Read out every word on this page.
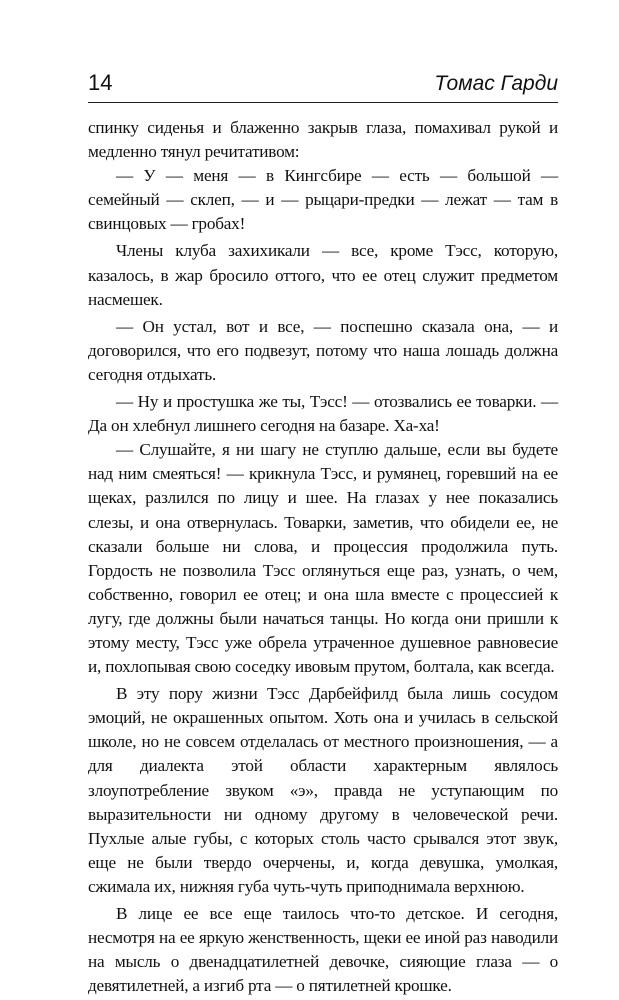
14	Томас Гарди

спинку сиденья и блаженно закрыв глаза, помахивал рукой и медленно тянул речитативом:

— У — меня — в Кингсбире — есть — большой — семейный — склеп, — и — рыцари-предки — лежат — там в свинцовых — гробах!

Члены клуба захихикали — все, кроме Тэсс, которую, казалось, в жар бросило оттого, что ее отец служит предметом насмешек.

— Он устал, вот и все, — поспешно сказала она, — и договорился, что его подвезут, потому что наша лошадь должна сегодня отдыхать.

— Ну и простушка же ты, Тэсс! — отозвались ее товарки. — Да он хлебнул лишнего сегодня на базаре. Ха-ха!

— Слушайте, я ни шагу не ступлю дальше, если вы будете над ним смеяться! — крикнула Тэсс, и румянец, горевший на ее щеках, разлился по лицу и шее. На глазах у нее показались слезы, и она отвернулась. Товарки, заметив, что обидели ее, не сказали больше ни слова, и процессия продолжила путь. Гордость не позволила Тэсс оглянуться еще раз, узнать, о чем, собственно, говорил ее отец; и она шла вместе с процессией к лугу, где должны были начаться танцы. Но когда они пришли к этому месту, Тэсс уже обрела утраченное душевное равновесие и, похлопывая свою соседку ивовым прутом, болтала, как всегда.

В эту пору жизни Тэсс Дарбейфилд была лишь сосудом эмоций, не окрашенных опытом. Хоть она и училась в сельской школе, но не совсем отделалась от местного произношения, — а для диалекта этой области характерным являлось злоупотребление звуком «э», правда не уступающим по выразительности ни одному другому в человеческой речи. Пухлые алые губы, с которых столь часто срывался этот звук, еще не были твердо очерчены, и, когда девушка, умолкая, сжимала их, нижняя губа чуть-чуть приподнимала верхнюю.

В лице ее все еще таилось что-то детское. И сегодня, несмотря на ее яркую женственность, щеки ее иной раз наводили на мысль о двенадцатилетней девочке, сияющие глаза — о девятилетней, а изгиб рта — о пятилетней крошке.
